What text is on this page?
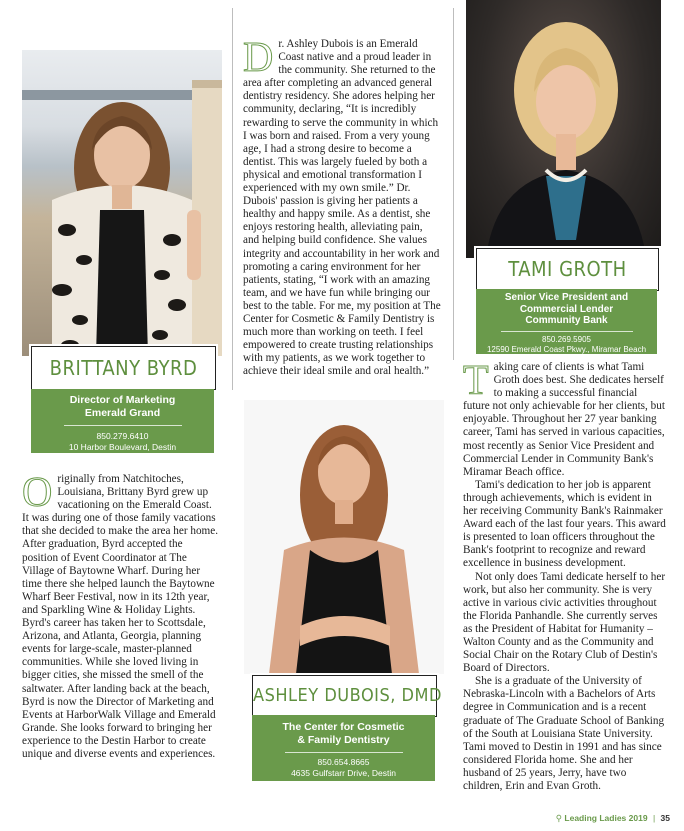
BRITTANY BYRD
Director of Marketing
Emerald Grand
850.279.6410
10 Harbor Boulevard, Destin
O riginally from Natchitoches, Louisiana, Brittany Byrd grew up vacationing on the Emerald Coast. It was during one of those family vacations that she decided to make the area her home. After graduation, Byrd accepted the position of Event Coordinator at The Village of Baytowne Wharf. During her time there she helped launch the Baytowne Wharf Beer Festival, now in its 12th year, and Sparkling Wine & Holiday Lights. Byrd's career has taken her to Scottsdale, Arizona, and Atlanta, Georgia, planning events for large-scale, master-planned communities. While she loved living in bigger cities, she missed the smell of the saltwater. After landing back at the beach, Byrd is now the Director of Marketing and Events at HarborWalk Village and Emerald Grande. She looks forward to bringing her experience to the Destin Harbor to create unique and diverse events and experiences.

D r. Ashley Dubois is an Emerald Coast native and a proud leader in the community. She returned to the area after completing an advanced general dentistry residency. She adores helping her community, declaring, “It is incredibly rewarding to serve the community in which I was born and raised. From a very young age, I had a strong desire to become a dentist. This was largely fueled by both a physical and emotional transformation I experienced with my own smile.” Dr. Dubois' passion is giving her patients a healthy and happy smile. As a dentist, she enjoys restoring health, alleviating pain, and helping build confidence. She values integrity and accountability in her work and promoting a caring environment for her patients, stating, “I work with an amazing team, and we have fun while bringing our best to the table. For me, my position at The Center for Cosmetic & Family Dentistry is much more than working on teeth. I feel empowered to create trusting relationships with my patients, as we work together to achieve their ideal smile and oral health.”

ASHLEY DUBOIS, DMD
The Center for Cosmetic
& Family Dentistry
850.654.8665
4635 Gulfstarr Drive, Destin
TAMI GROTH
Senior Vice President and
Commercial Lender
Community Bank
850.269.5905
12590 Emerald Coast Pkwy., Miramar Beach
T aking care of clients is what Tami Groth does best. She dedicates herself to making a successful financial future not only achievable for her clients, but enjoyable. Throughout her 27 year banking career, Tami has served in various capacities, most recently as Senior Vice President and Commercial Lender in Community Bank's Miramar Beach office.

Tami's dedication to her job is apparent through achievements, which is evident in her receiving Community Bank's Rainmaker Award each of the last four years. This award is presented to loan officers throughout the Bank's footprint to recognize and reward excellence in business development.

Not only does Tami dedicate herself to her work, but also her community. She is very active in various civic activities throughout the Florida Panhandle. She currently serves as the President of Habitat for Humanity – Walton County and as the Community and Social Chair on the Rotary Club of Destin's Board of Directors.

She is a graduate of the University of Nebraska-Lincoln with a Bachelors of Arts degree in Communication and is a recent graduate of The Graduate School of Banking of the South at Louisiana State University. Tami moved to Destin in 1991 and has since considered Florida home. She and her husband of 25 years, Jerry, have two children, Erin and Evan Groth.

⚲ Leading Ladies 2019 | 35
